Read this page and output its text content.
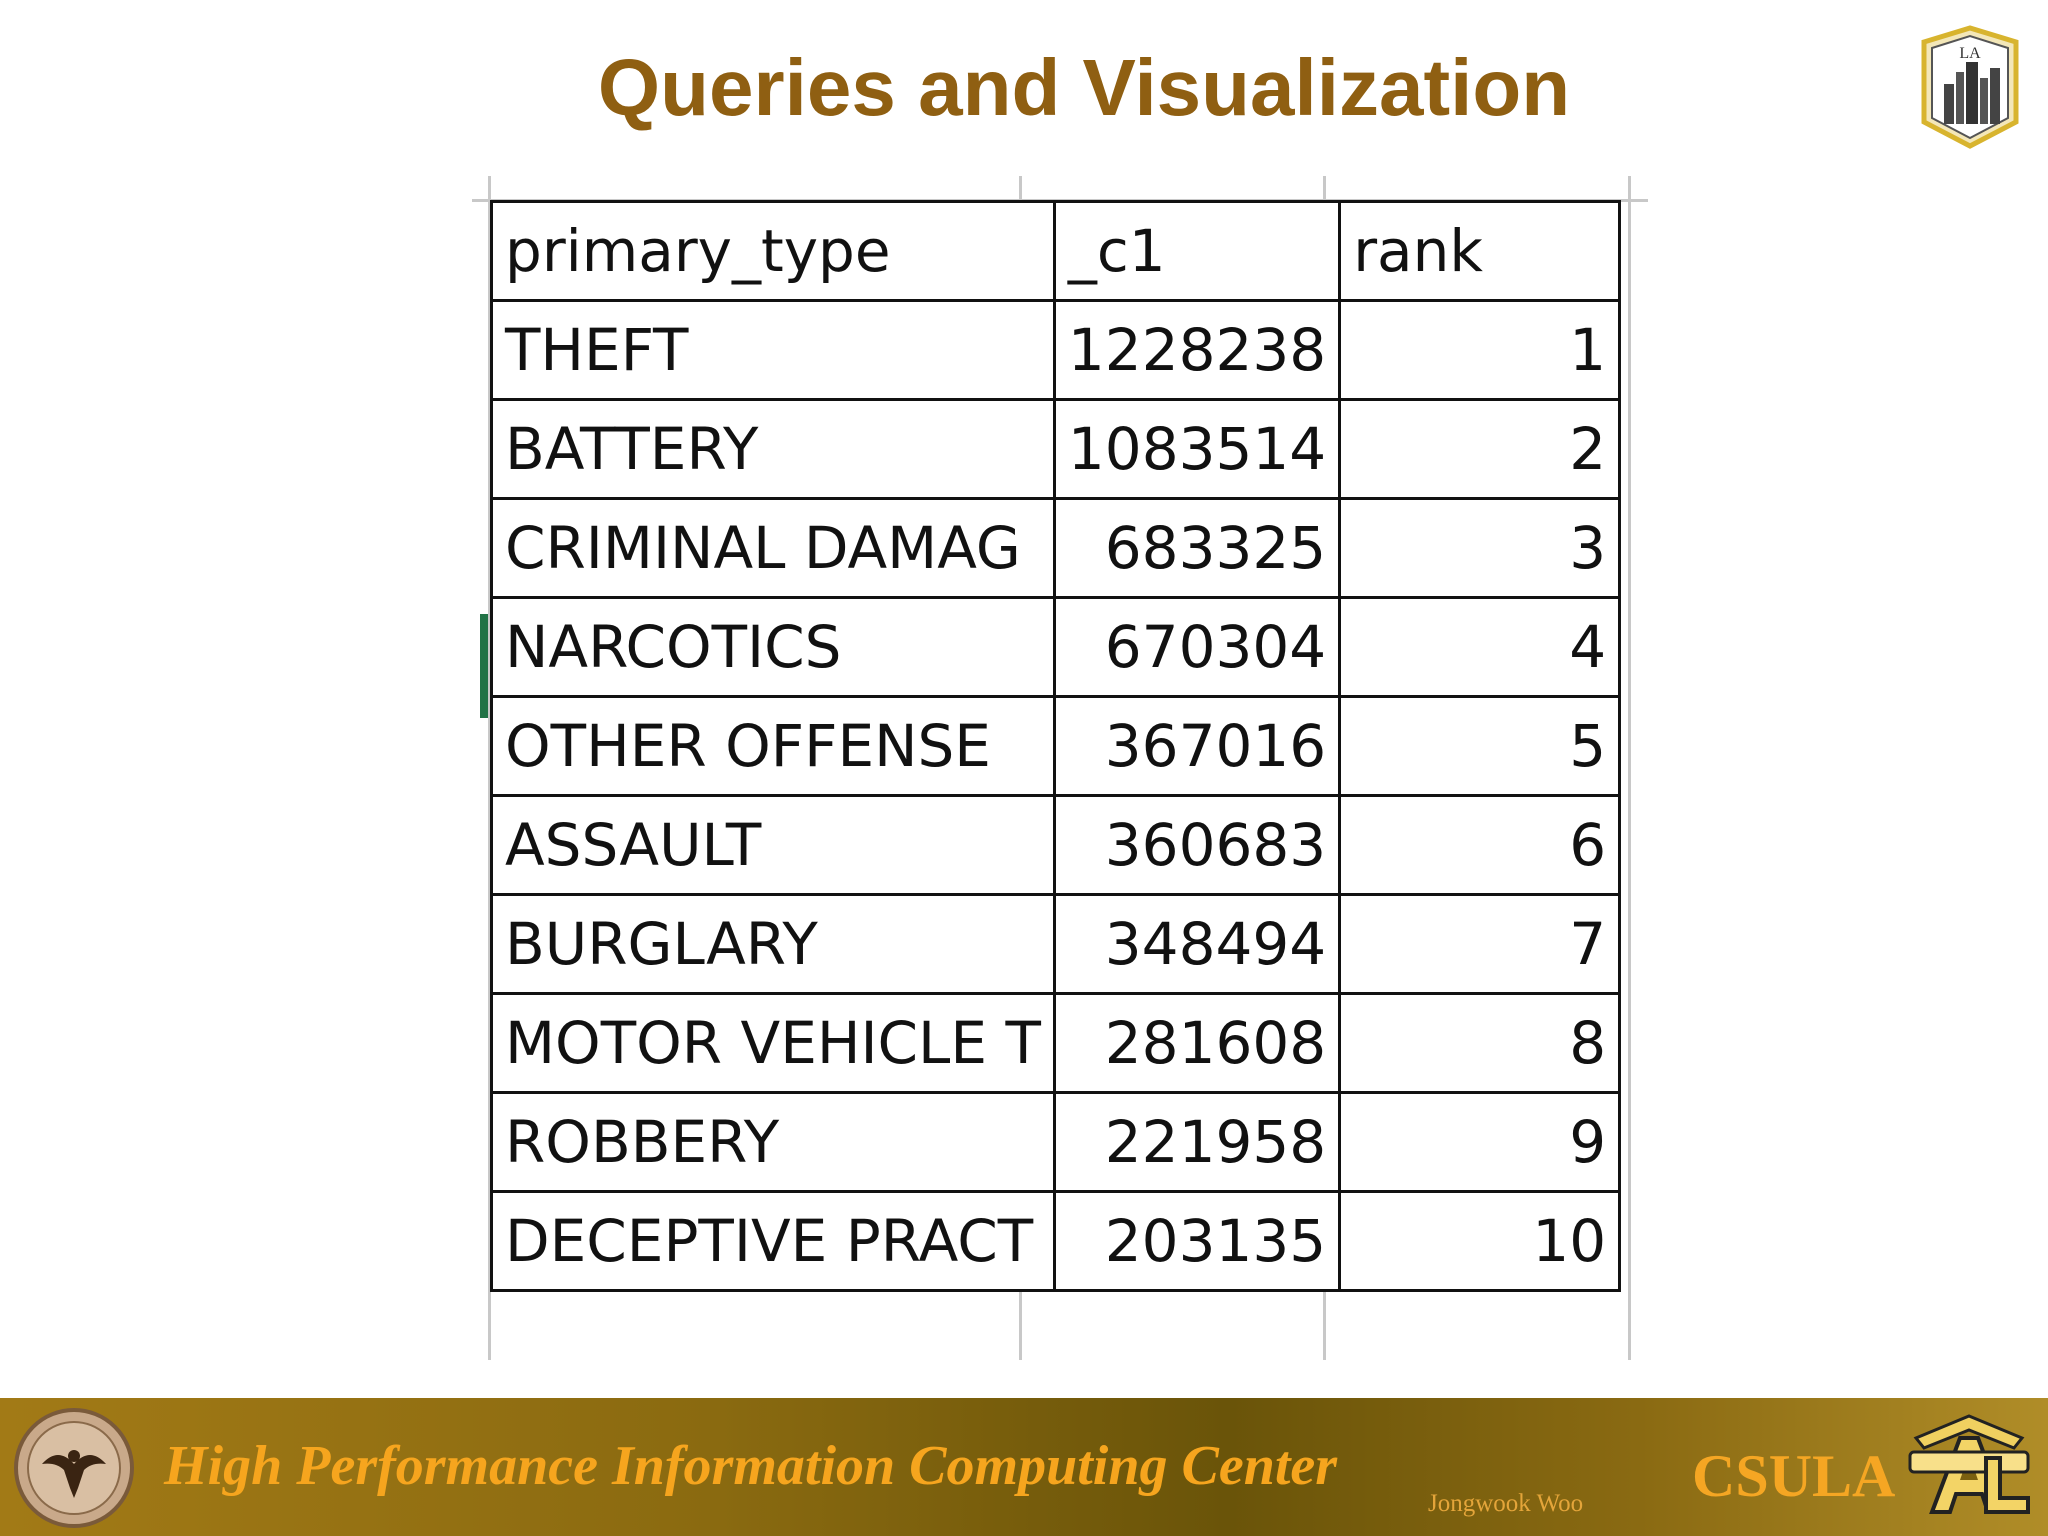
Queries and Visualization	LA
primary_type	_c1	rank
THEFT	1228238	1
BATTERY	1083514	2
CRIMINAL DAMAG	683325	3
NARCOTICS	670304	4
OTHER OFFENSE	367016	5
ASSAULT	360683	6
BURGLARY	348494	7
MOTOR VEHICLE T	281608	8
ROBBERY	221958	9
DECEPTIVE PRACT	203135	10
High Performance Information Computing Center
Jongwook Woo CSULA
